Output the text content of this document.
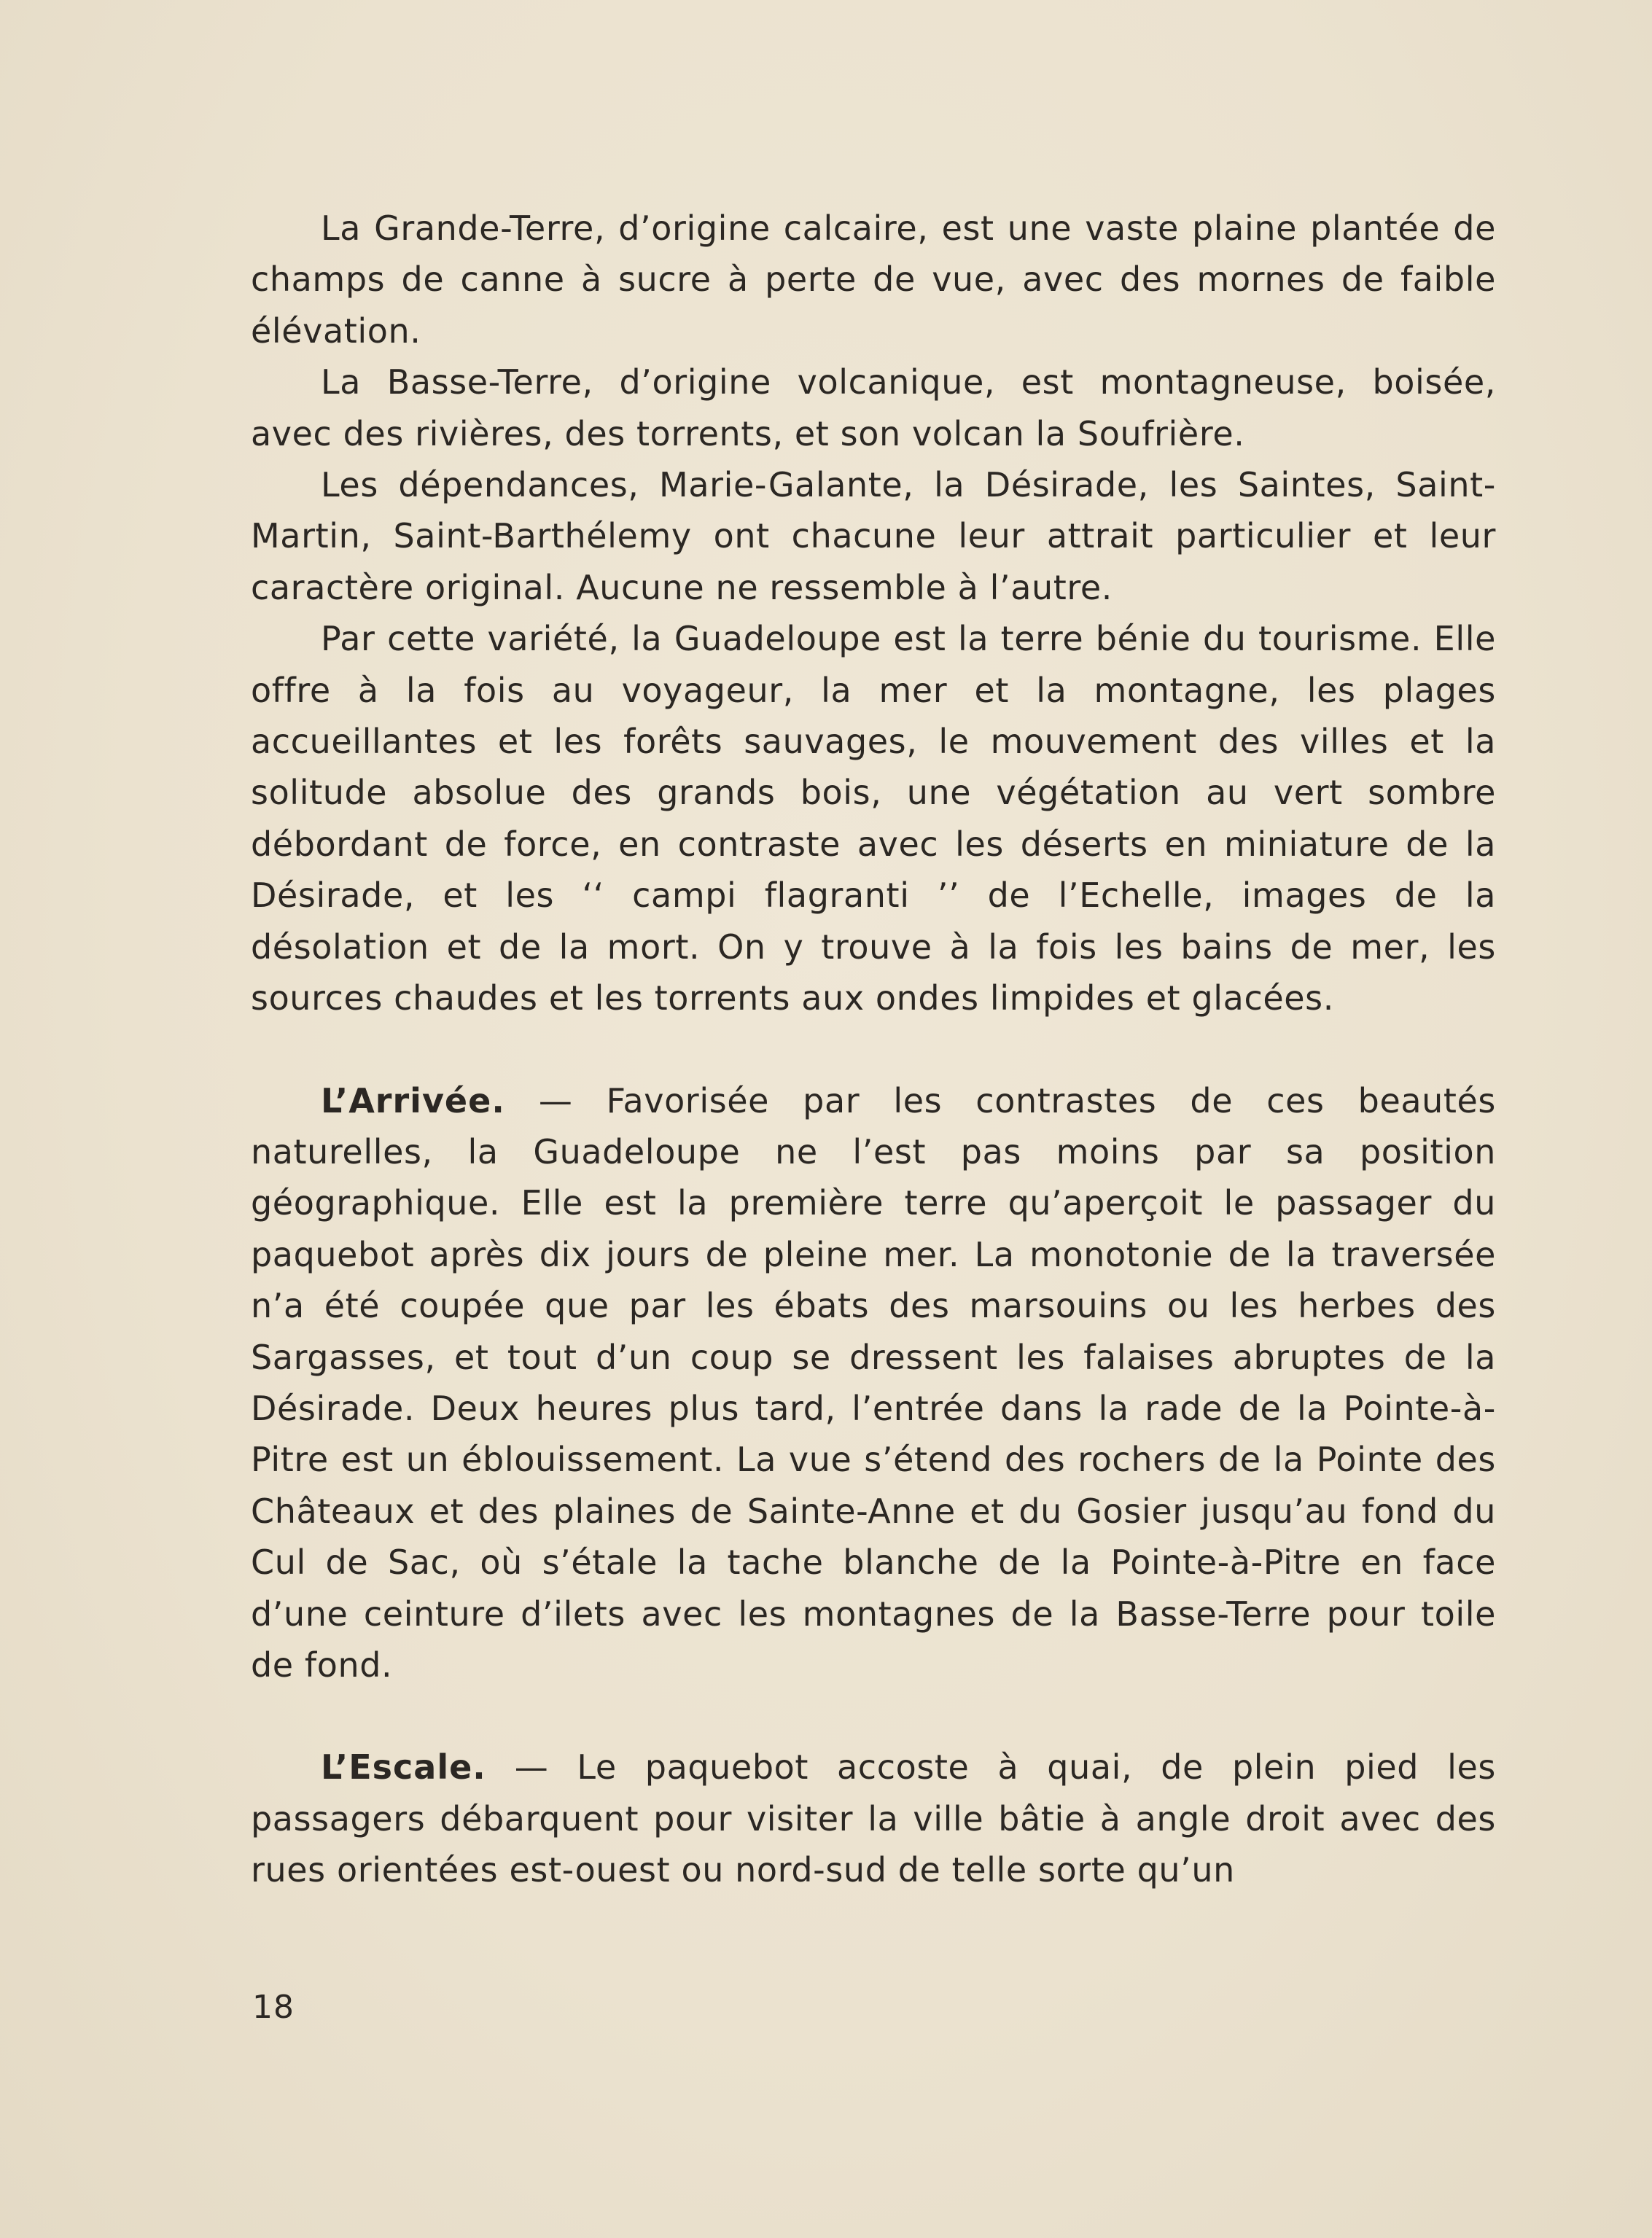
La Grande-Terre, d’origine calcaire, est une vaste plaine plantée de champs de canne à sucre à perte de vue, avec des mornes de faible élévation.

La Basse-Terre, d’origine volcanique, est montagneuse, boisée, avec des rivières, des torrents, et son volcan la Soufrière.

Les dépendances, Marie-Galante, la Désirade, les Saintes, Saint-Martin, Saint-Barthélemy ont chacune leur attrait particulier et leur caractère original. Aucune ne ressemble à l’autre.

Par cette variété, la Guadeloupe est la terre bénie du tourisme. Elle offre à la fois au voyageur, la mer et la montagne, les plages accueillantes et les forêts sauvages, le mouvement des villes et la solitude absolue des grands bois, une végétation au vert sombre débordant de force, en contraste avec les déserts en miniature de la Désirade, et les ‘‘ campi flagranti ’’ de l’Echelle, images de la désolation et de la mort. On y trouve à la fois les bains de mer, les sources chaudes et les torrents aux ondes limpides et glacées.

L’Arrivée. — Favorisée par les contrastes de ces beautés naturelles, la Guadeloupe ne l’est pas moins par sa position géographique. Elle est la première terre qu’aperçoit le passager du paquebot après dix jours de pleine mer. La monotonie de la traversée n’a été coupée que par les ébats des marsouins ou les herbes des Sargasses, et tout d’un coup se dressent les falaises abruptes de la Désirade. Deux heures plus tard, l’entrée dans la rade de la Pointe-à-Pitre est un éblouissement. La vue s’étend des rochers de la Pointe des Châteaux et des plaines de Sainte-Anne et du Gosier jusqu’au fond du Cul de Sac, où s’étale la tache blanche de la Pointe-à-Pitre en face d’une ceinture d’ilets avec les montagnes de la Basse-Terre pour toile de fond.

L’Escale. — Le paquebot accoste à quai, de plein pied les passagers débarquent pour visiter la ville bâtie à angle droit avec des rues orientées est-ouest ou nord-sud de telle sorte qu’un

18
